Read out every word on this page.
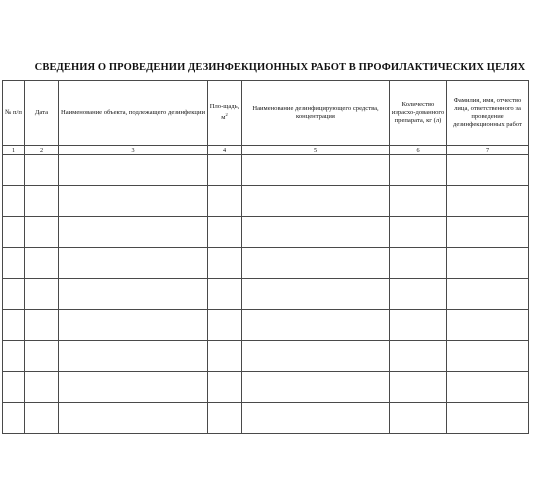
СВЕДЕНИЯ О ПРОВЕДЕНИИ ДЕЗИНФЕКЦИОННЫХ РАБОТ В ПРОФИЛАКТИЧЕСКИХ ЦЕЛЯХ
№ п/п	Дата	Наименование объекта, подлежащего дезинфекции	Пло-щадь, $м^2$	Наименование дезинфицирующего средства, концентрация	Количество израсхо-дованного препарата, кг (л)	Фамилия, имя, отчество лица, ответственного за проведение дезинфекционных работ
1	2	3	4	5	6	7
